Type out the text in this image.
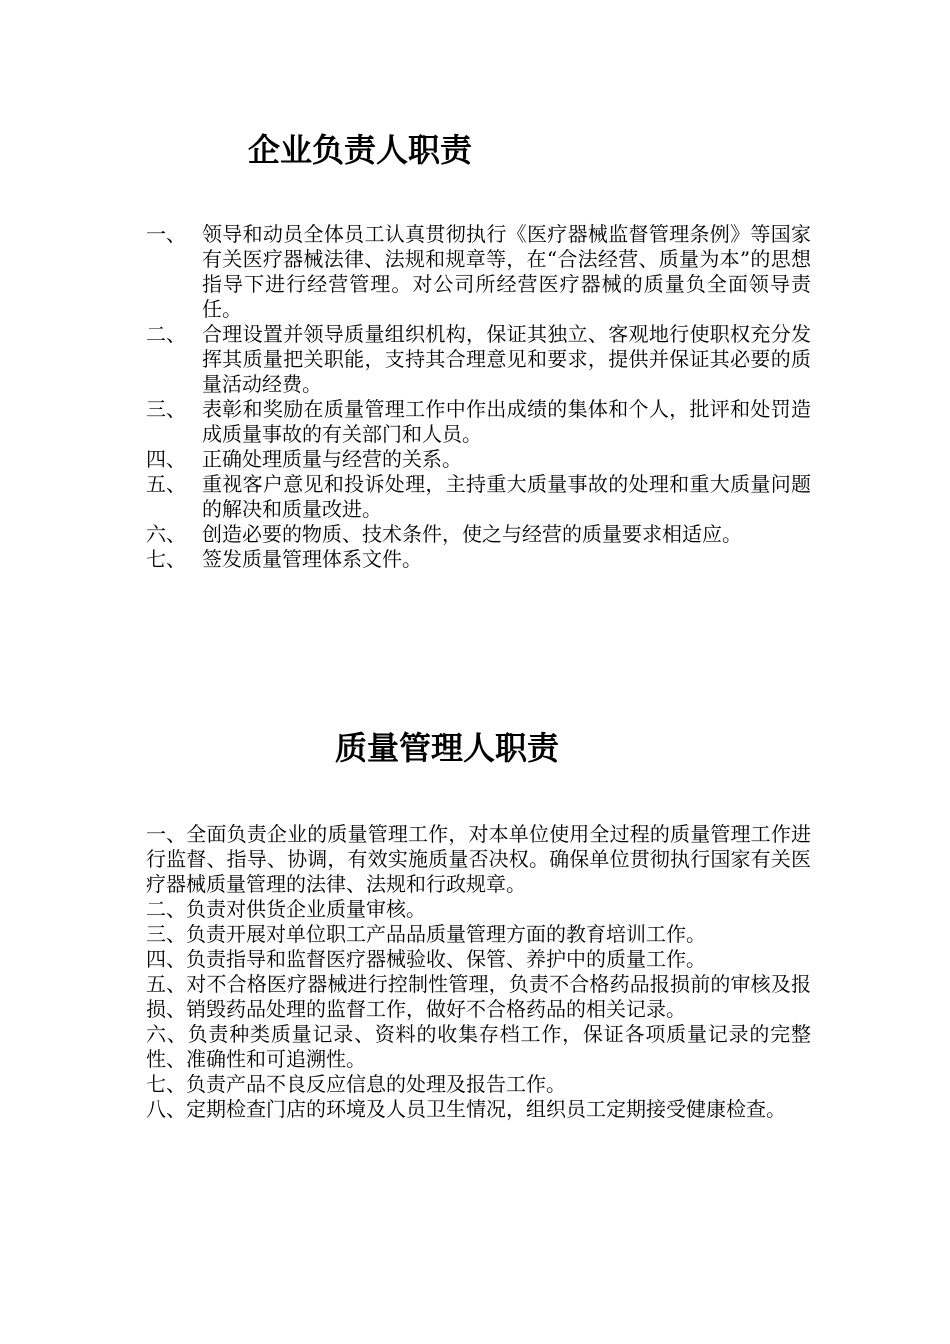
企业负责人职责
一、 领导和动员全体员工认真贯彻执行《医疗器械监督管理条例》等国家有关医疗器械法律、法规和规章等，在“合法经营、质量为本”的思想指导下进行经营管理。对公司所经营医疗器械的质量负全面领导责任。
二、 合理设置并领导质量组织机构，保证其独立、客观地行使职权充分发挥其质量把关职能，支持其合理意见和要求，提供并保证其必要的质量活动经费。
三、 表彰和奖励在质量管理工作中作出成绩的集体和个人，批评和处罚造成质量事故的有关部门和人员。
四、 正确处理质量与经营的关系。
五、 重视客户意见和投诉处理，主持重大质量事故的处理和重大质量问题的解决和质量改进。
六、 创造必要的物质、技术条件，使之与经营的质量要求相适应。
七、 签发质量管理体系文件。
质量管理人职责
一、全面负责企业的质量管理工作，对本单位使用全过程的质量管理工作进行监督、指导、协调，有效实施质量否决权。确保单位贯彻执行国家有关医疗器械质量管理的法律、法规和行政规章。
二、负责对供货企业质量审核。
三、负责开展对单位职工产品品质量管理方面的教育培训工作。
四、负责指导和监督医疗器械验收、保管、养护中的质量工作。
五、对不合格医疗器械进行控制性管理，负责不合格药品报损前的审核及报损、销毁药品处理的监督工作，做好不合格药品的相关记录。
六、负责种类质量记录、资料的收集存档工作，保证各项质量记录的完整性、准确性和可追溯性。
七、负责产品不良反应信息的处理及报告工作。
八、定期检查门店的环境及人员卫生情况，组织员工定期接受健康检查。
